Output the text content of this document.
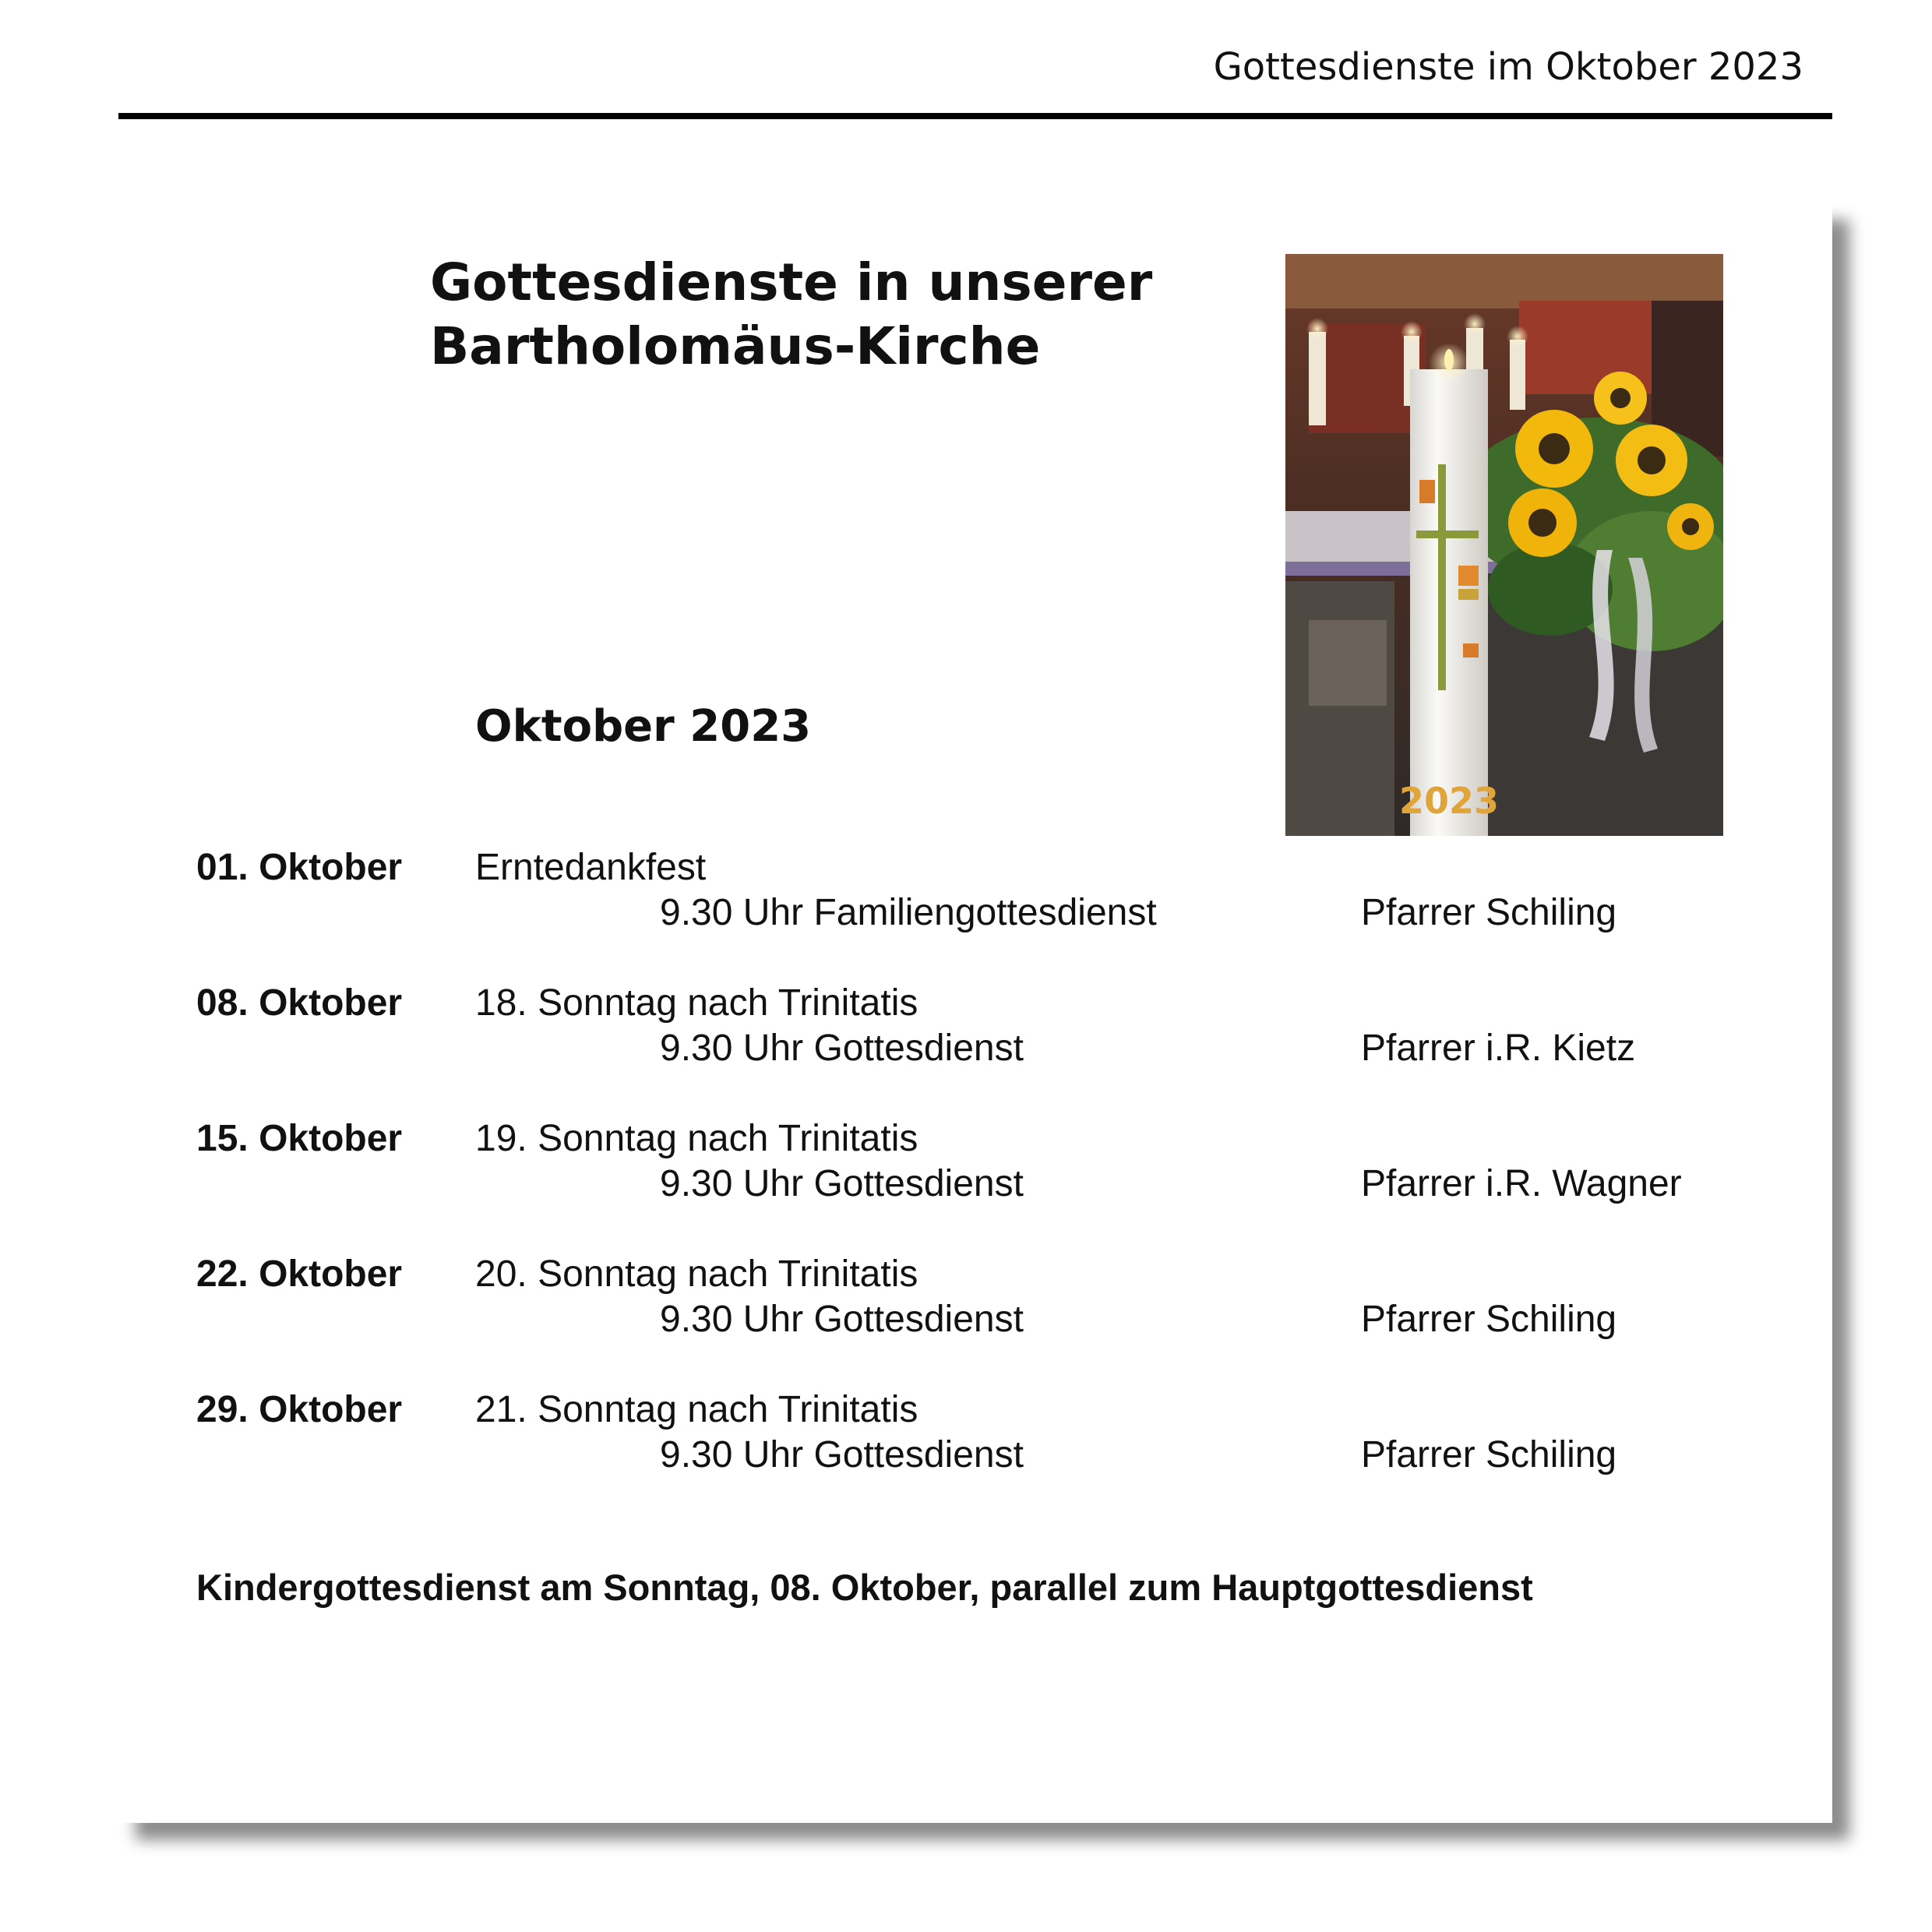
Gottesdienste im Oktober 2023
Gottesdienste in unserer
Bartholomäus-Kirche
2023
Oktober 2023
01. Oktober Erntedankfest
9.30 Uhr Familiengottesdienst	Pfarrer Schiling
08. Oktober 18. Sonntag nach Trinitatis
9.30 Uhr Gottesdienst	Pfarrer i.R. Kietz
15. Oktober 19. Sonntag nach Trinitatis
9.30 Uhr Gottesdienst	Pfarrer i.R. Wagner
22. Oktober 20. Sonntag nach Trinitatis
9.30 Uhr Gottesdienst	Pfarrer Schiling
29. Oktober 21. Sonntag nach Trinitatis
9.30 Uhr Gottesdienst	Pfarrer Schiling
Kindergottesdienst am Sonntag, 08. Oktober, parallel zum Hauptgottesdienst
